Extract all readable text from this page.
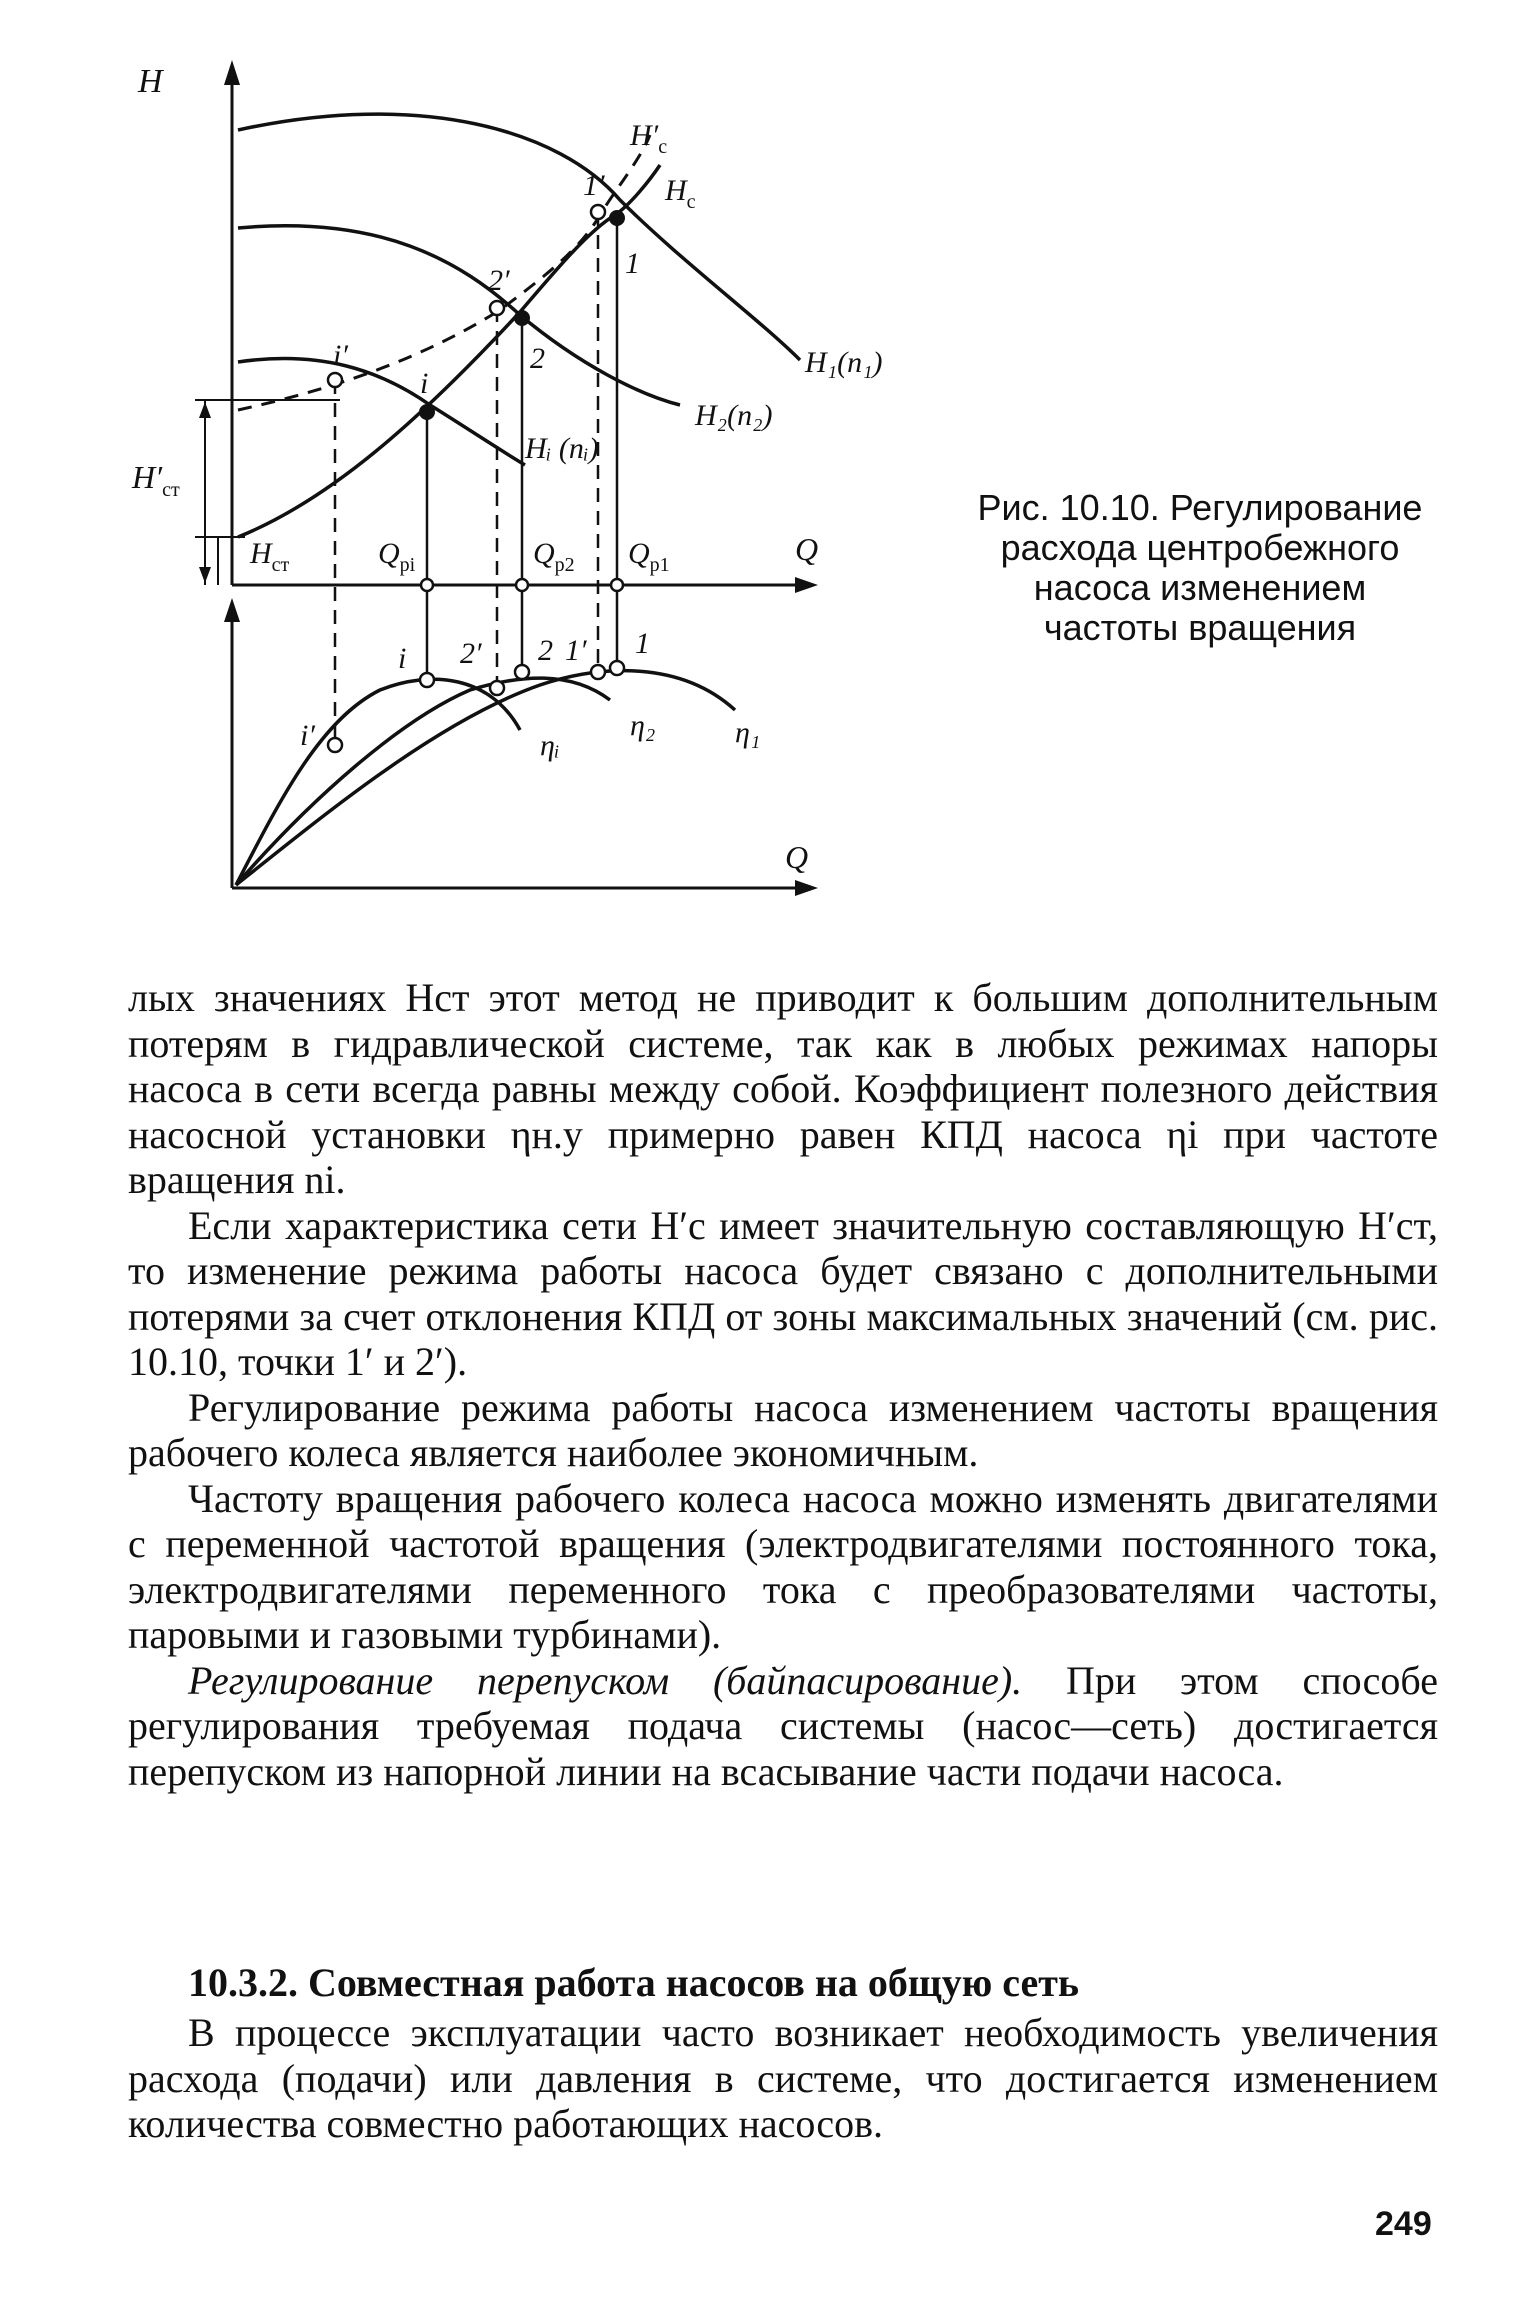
H
Q
Q
$H'_{ст}$
$H_{ст}$	$Q_{pi}$	$Q_{p2}$ $Q_{p1}$
$H'_c$
$H_c$
H₁(n₁)
H₂(n₂)
Hᵢ (nᵢ)
1′
1
2′
2
i′
i
i 2′ 2 1′ 1
i′	ηᵢ
η₂	η₁
Рис. 10.10. Регулирование
расхода центробежного
насоса изменением
частоты вращения

лых значениях Hст этот метод не приводит к большим дополнительным потерям в гидравлической системе, так как в любых режимах напоры насоса в сети всегда равны между собой. Коэффициент полезного действия насосной установки ηн.у примерно равен КПД насоса ηi при частоте вращения ni.

Если характеристика сети H′c имеет значительную составляющую H′ст, то изменение режима работы насоса будет связано с дополнительными потерями за счет отклонения КПД от зоны максимальных значений (см. рис. 10.10, точки 1′ и 2′).

Регулирование режима работы насоса изменением частоты вращения рабочего колеса является наиболее экономичным.

Частоту вращения рабочего колеса насоса можно изменять двигателями с переменной частотой вращения (электродвигателями постоянного тока, электродвигателями переменного тока с преобразователями частоты, паровыми и газовыми турбинами).

Регулирование перепуском (байпасирование). При этом способе регулирования требуемая подача системы (насос—сеть) достигается перепуском из напорной линии на всасывание части подачи насоса.

10.3.2. Совместная работа насосов на общую сеть

В процессе эксплуатации часто возникает необходимость увеличения расхода (подачи) или давления в системе, что достигается изменением количества совместно работающих насосов.

249
